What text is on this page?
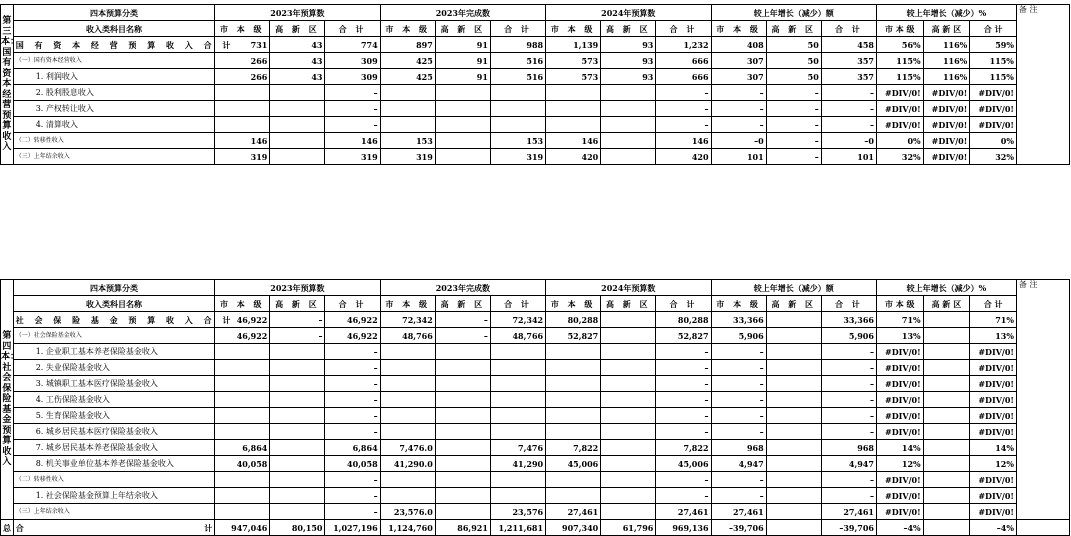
第三本：国有资本经营预算收入	四本预算分类	2023年预算数			2023年完成数			2024年预算数			较上年增长（减少）额			较上年增长（减少）%			备 注
	收入类科目名称	市 本 级	高 新 区	合 计	市 本 级	高 新 区	合 计	市 本 级	高 新 区	合 计	市 本 级	高 新 区	合 计	市 本 级	高 新 区	合 计	
	国 有 资 本 经 营 预 算 收 入 合 计	731	43	774	897	91	988	1,139	93	1,232	408	50	458	56%	116%	59%	
	（一）国有资本经营收入	266	43	309	425	91	516	573	93	666	307	50	357	115%	116%	115%	
	1. 利润收入	266	43	309	425	91	516	573	93	666	307	50	357	115%	116%	115%	
	2. 股利股息收入			–						–	–	–	–	#DIV/0!	#DIV/0!	#DIV/0!	
	3. 产权转让收入			–						–	–	–	–	#DIV/0!	#DIV/0!	#DIV/0!	
	4. 清算收入			–						–	–	–	–	#DIV/0!	#DIV/0!	#DIV/0!	
	（二）转移性收入	146		146	153		153	146		146	–0	–	–0	0%	#DIV/0!	0%	
	（三）上年结余收入	319		319	319		319	420		420	101	–	101	32%	#DIV/0!	32%	
第四本：社会保险基金预算收入	四本预算分类	2023年预算数			2023年完成数			2024年预算数			较上年增长（减少）额			较上年增长（减少）%			备 注
	收入类科目名称	市 本 级	高 新 区	合 计	市 本 级	高 新 区	合 计	市 本 级	高 新 区	合 计	市 本 级	高 新 区	合 计	市 本 级	高 新 区	合 计	
	社 会 保 险 基 金 预 算 收 入 合 计	46,922	–	46,922	72,342	–	72,342	80,288		80,288	33,366		33,366	71%		71%	
	（一）社会保险基金收入	46,922	–	46,922	48,766	–	48,766	52,827		52,827	5,906		5,906	13%		13%	
	1. 企业职工基本养老保险基金收入			–						–	–		–	#DIV/0!		#DIV/0!	
	2. 失业保险基金收入			–						–	–		–	#DIV/0!		#DIV/0!	
	3. 城镇职工基本医疗保险基金收入			–						–	–		–	#DIV/0!		#DIV/0!	
	4. 工伤保险基金收入			–						–	–		–	#DIV/0!		#DIV/0!	
	5. 生育保险基金收入			–						–	–		–	#DIV/0!		#DIV/0!	
	6. 城乡居民基本医疗保险基金收入			–						–	–		–	#DIV/0!		#DIV/0!	
	7. 城乡居民基本养老保险基金收入	6,864		6,864	7,476.0		7,476	7,822		7,822	968		968	14%		14%	
	8. 机关事业单位基本养老保险基金收入	40,058		40,058	41,290.0		41,290	45,006		45,006	4,947		4,947	12%		12%	
	（二）转移性收入			–						–	–		–	#DIV/0!		#DIV/0!	
	1. 社会保险基金预算上年结余收入			–						–	–		–	#DIV/0!		#DIV/0!	
	（三）上年结余收入			–	23,576.0		23,576	27,461		27,461	27,461		27,461	#DIV/0!		#DIV/0!	
总	合 计	947,046	80,150	1,027,196	1,124,760	86,921	1,211,681	907,340	61,796	969,136	–39,706		–39,706	–4%		–4%	
